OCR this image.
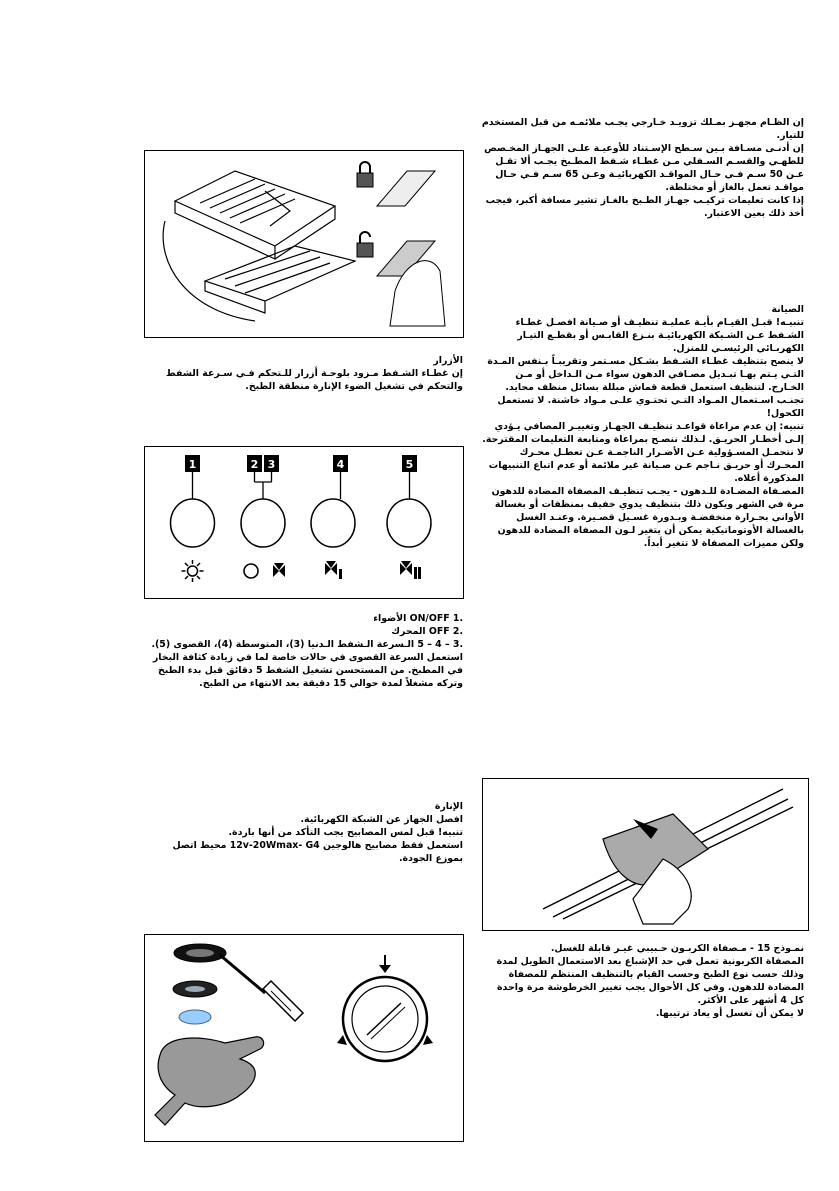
إن الظـام مجهـز بمـلك تزويـد خـارجي يجـب ملائمـه من قبل المستخدم للتيار.

إن أدنـى مسـافة بـين سـطح الإسـتناد للأوعيـة علـى الجهـاز المخـصص للطهـي والقسـم السـفلي مـن غطـاء شـفط المطـبخ يجـب ألا تقـل عـن 50 سـم فـي حـال المواقـد الكهربائيـة وعـن 65 سـم فـي حـال مواقـد تعمل بالغاز أو مختلطة.

إذا كانت تعليمات تركيـب جهـاز الطـبخ بالغـاز تشير مسافة أكبر، فيجب أخذ ذلك بعين الاعتبار.

الصيانة

تنبيـه! قبـل القيـام بأيـة عمليـة تنظيـف أو صـيانة افصـل غطـاء الشـفط عـن الشـبكة الكهربائيـة بنـزع القابـس أو بقطـع التيـار الكهربـائي الرئيسـي للمنزل.

لا ينصح بتنظيف غطـاء الشـفط بشـكل مسـتمر وتقريبـاً بـنفس المـدة التـي يـتم بهـا تبـديل مصـافي الدهون سواء مـن الـداخل أو مـن الخـارج. لتنظيف استعمل قطعة قماش مبللة بسائل منظف محايد.

تجنـب اسـتعمال المـواد التـي تحتـوي علـى مـواد خاشنة. لا تستعمل الكحول!

تنبيه: إن عدم مراعاة قواعـد تنظيـف الجهـاز وتغييـر المصافي يـؤدي إلـى أخطـار الحريـق. لـذلك ننصـح بمراعاة ومتابعة التعليمات المقترحة.

لا نتحمـل المسـؤولية عـن الأضـرار الناجمـة عـن تعطـل محـرك المحـرك أو حريـق نـاجم عـن صـيانة غير ملائمة أو عدم اتباع التنبيهات المذكورة أعلاه.

المصـفاة المضـادة للـدهون - يجـب تنظيـف المصفاة المضادة للدهون مرة في الشهر ويكون ذلك بتنظيف يدوي خفيف بمنظفات أو بغسالة الأواني بحـرارة منخفضـة وبـدورة غسـيل قصـيرة. وعنـد الغسل بالغسالة الأوتوماتيكية يمكن أن يتغير لـون المصفاة المضادة للدهون ولكن مميزات المصفاة لا تتغير أبداً.

نمـوذج 15 - مـصفاة الكربـون حـبيبي غيـر قابلة للغسل.

المصفاة الكربونية تعمل في حد الإشباع بعد الاستعمال الطويل لمدة وذلك حسب نوع الطبخ وحسب القيام بالتنظيف المنتظم للمصفاة المضادة للدهون. وفي كل الأحوال يجب تغيير الخرطوشة مرة واحدة كل 4 أشهر على الأكثر.

لا يمكن أن تغسل أو يعاد ترتيبها.

الأزرار

إن غطـاء الشـفط مـزود بلوحـة أزرار للـتحكم فـي سـرعة الشفط والتحكم في تشغيل الضوء الإنارة منطقة الطبخ.

.1 ON/OFF الأضواء

.2 OFF المحرك

.3 – 4 – 5 الـسرعة الـشفط الـدنيا (3)، المتوسطة (4)، القصوى (5).

استعمل السرعة القصوى في حالات خاصة لما في زيادة كثافة البخار في المطبخ. من المستحسن تشغيل الشفط 5 دقائق قبل بدء الطبخ وتركه مشغلاً لمدة حوالي 15 دقيقة بعد الانتهاء من الطبخ.

الإنارة

افصل الجهاز عن الشبكة الكهربائية.

تنبيه! قبل لمس المصابيح يجب التأكد من أنها باردة.

استعمل فقط مصابيح هالوجين 12v-20Wmax- G4 محيط اتصل بموزع الجودة.

1	2 3	4	5
